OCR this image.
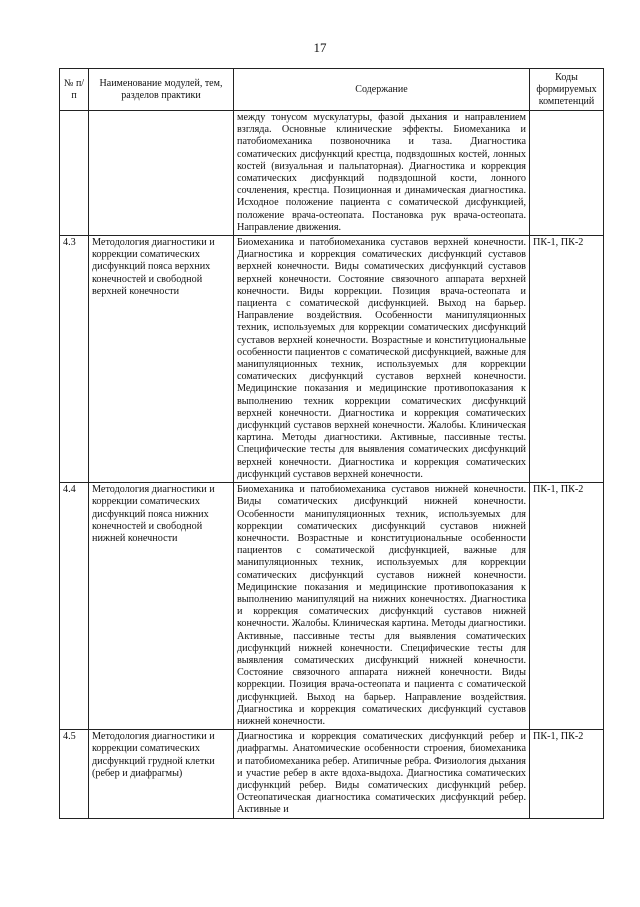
17
№ п/п	Наименование модулей, тем, разделов практики	Содержание	Коды формируемых компетенций
		между тонусом мускулатуры, фазой дыхания и направлением взгляда. Основные клинические эффекты. Биомеханика и патобиомеханика позвоночника и таза. Диагностика соматических дисфункций крестца, подвздошных костей, лонных костей (визуальная и пальпаторная). Диагностика и коррекция соматических дисфункций подвздошной кости, лонного сочленения, крестца. Позиционная и динамическая диагностика. Исходное положение пациента с соматической дисфункцией, положение врача-остеопата. Постановка рук врача-остеопата. Направление движения.	
4.3	Методология диагностики и коррекции соматических дисфункций пояса верхних конечностей и свободной верхней конечности	Биомеханика и патобиомеханика суставов верхней конечности. Диагностика и коррекция соматических дисфункций суставов верхней конечности. Виды соматических дисфункций суставов верхней конечности. Состояние связочного аппарата верхней конечности. Виды коррекции. Позиция врача-остеопата и пациента с соматической дисфункцией. Выход на барьер. Направление воздействия. Особенности манипуляционных техник, используемых для коррекции соматических дисфункций суставов верхней конечности. Возрастные и конституциональные особенности пациентов с соматической дисфункцией, важные для манипуляционных техник, используемых для коррекции соматических дисфункций суставов верхней конечности. Медицинские показания и медицинские противопоказания к выполнению техник коррекции соматических дисфункций верхней конечности. Диагностика и коррекция соматических дисфункций суставов верхней конечности. Жалобы. Клиническая картина. Методы диагностики. Активные, пассивные тесты. Специфические тесты для выявления соматических дисфункций верхней конечности. Диагностика и коррекция соматических дисфункций суставов верхней конечности.	ПК-1, ПК-2
4.4	Методология диагностики и коррекции соматических дисфункций пояса нижних конечностей и свободной нижней конечности	Биомеханика и патобиомеханика суставов нижней конечности. Виды соматических дисфункций нижней конечности. Особенности манипуляционных техник, используемых для коррекции соматических дисфункций суставов нижней конечности. Возрастные и конституциональные особенности пациентов с соматической дисфункцией, важные для манипуляционных техник, используемых для коррекции соматических дисфункций суставов нижней конечности. Медицинские показания и медицинские противопоказания к выполнению манипуляций на нижних конечностях. Диагностика и коррекция соматических дисфункций суставов нижней конечности. Жалобы. Клиническая картина. Методы диагностики. Активные, пассивные тесты для выявления соматических дисфункций нижней конечности. Специфические тесты для выявления соматических дисфункций нижней конечности. Состояние связочного аппарата нижней конечности. Виды коррекции. Позиция врача-остеопата и пациента с соматической дисфункцией. Выход на барьер. Направление воздействия. Диагностика и коррекция соматических дисфункций суставов нижней конечности.	ПК-1, ПК-2
4.5	Методология диагностики и коррекции соматических дисфункций грудной клетки (ребер и диафрагмы)	Диагностика и коррекция соматических дисфункций ребер и диафрагмы. Анатомические особенности строения, биомеханика и патобиомеханика ребер. Атипичные ребра. Физиология дыхания и участие ребер в акте вдоха-выдоха. Диагностика соматических дисфункций ребер. Виды соматических дисфункций ребер. Остеопатическая диагностика соматических дисфункций ребер. Активные и	ПК-1, ПК-2
